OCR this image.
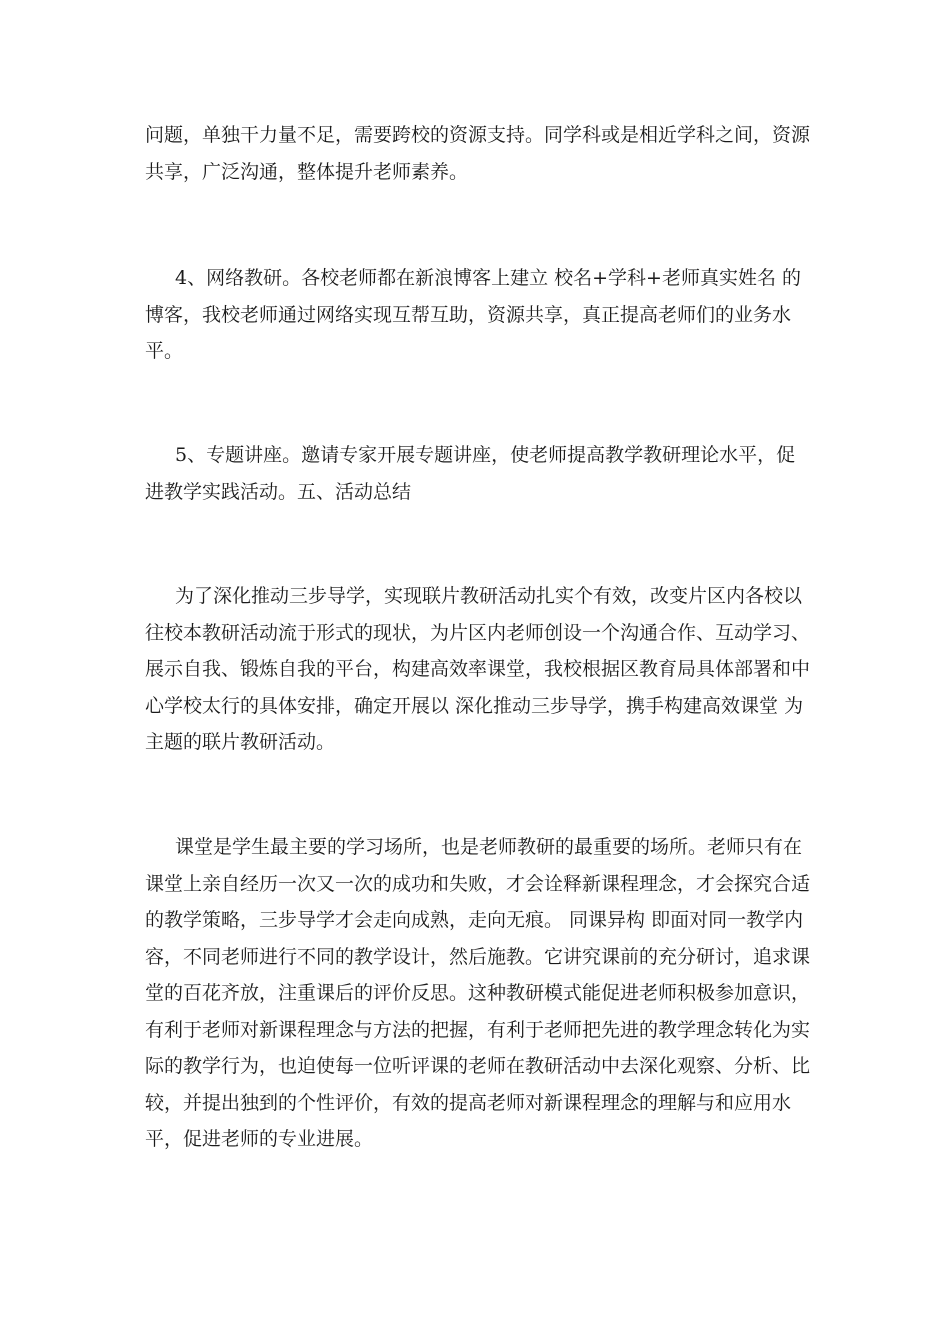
问题，单独干力量不足，需要跨校的资源支持。同学科或是相近学科之间，资源共享，广泛沟通，整体提升老师素养。

4、网络教研。各校老师都在新浪博客上建立 校名+学科+老师真实姓名 的博客，我校老师通过网络实现互帮互助，资源共享，真正提高老师们的业务水平。

5、专题讲座。邀请专家开展专题讲座，使老师提高教学教研理论水平，促进教学实践活动。五、活动总结

为了深化推动三步导学，实现联片教研活动扎实个有效，改变片区内各校以往校本教研活动流于形式的现状，为片区内老师创设一个沟通合作、互动学习、展示自我、锻炼自我的平台，构建高效率课堂，我校根据区教育局具体部署和中心学校太行的具体安排，确定开展以 深化推动三步导学，携手构建高效课堂 为主题的联片教研活动。

课堂是学生最主要的学习场所，也是老师教研的最重要的场所。老师只有在课堂上亲自经历一次又一次的成功和失败，才会诠释新课程理念，才会探究合适的教学策略，三步导学才会走向成熟，走向无痕。 同课异构 即面对同一教学内容，不同老师进行不同的教学设计，然后施教。它讲究课前的充分研讨，追求课堂的百花齐放，注重课后的评价反思。这种教研模式能促进老师积极参加意识，有利于老师对新课程理念与方法的把握，有利于老师把先进的教学理念转化为实际的教学行为，也迫使每一位听评课的老师在教研活动中去深化观察、分析、比较，并提出独到的个性评价，有效的提高老师对新课程理念的理解与和应用水平，促进老师的专业进展。
